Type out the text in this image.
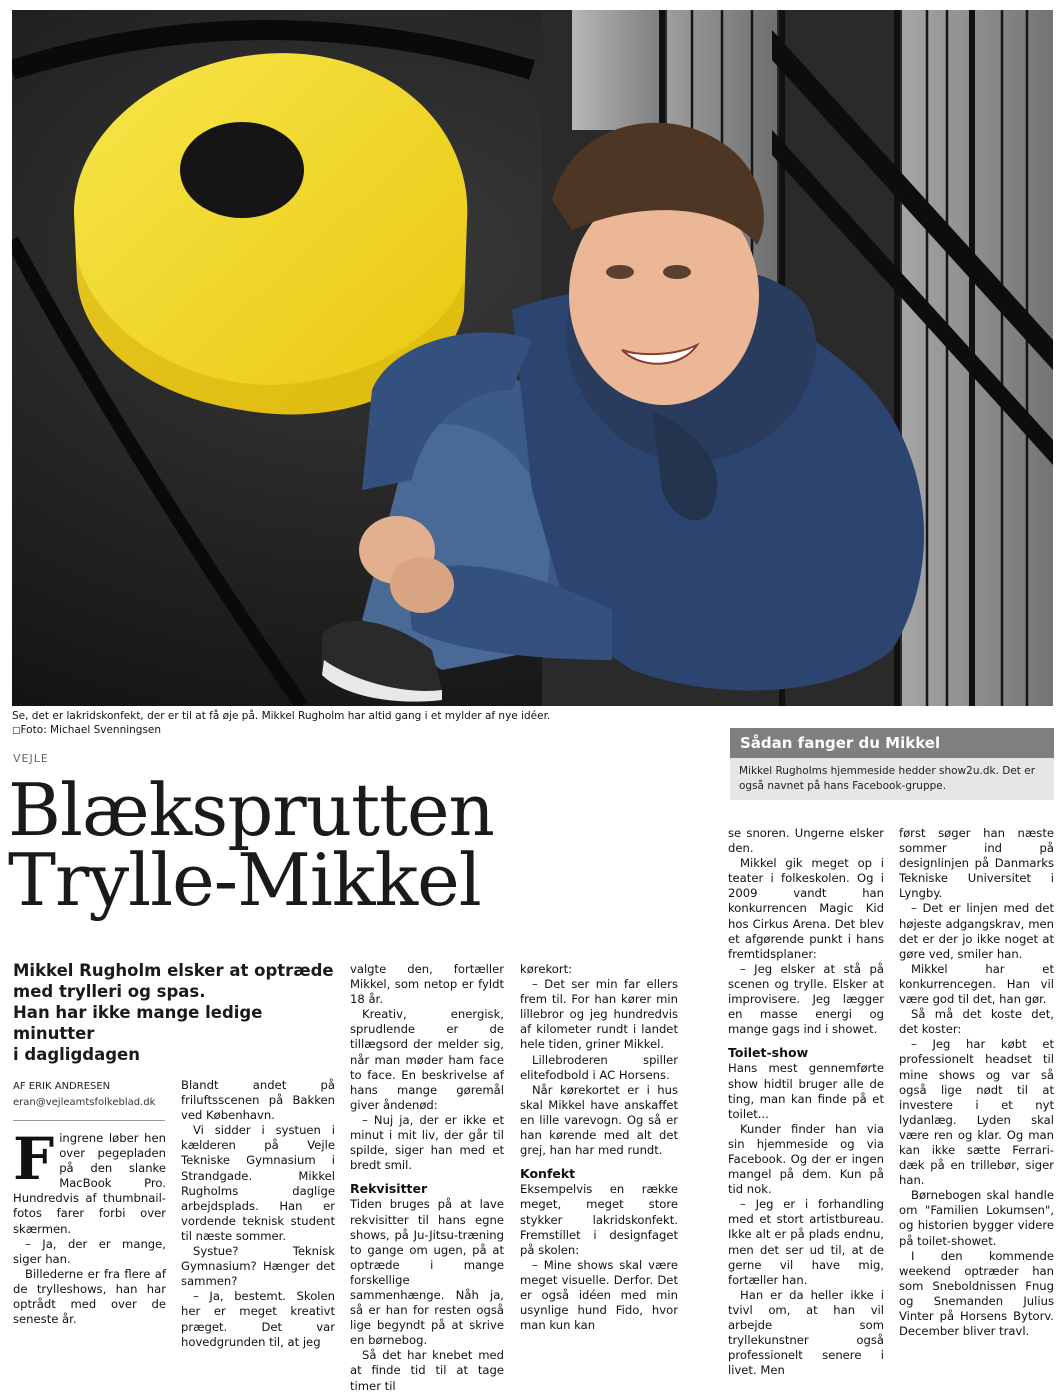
Se, det er lakridskonfekt, der er til at få øje på. Mikkel Rugholm har altid gang i et mylder af nye idéer.
□ Foto: Michael Svenningsen
VEJLE
Blæksprutten
Trylle-Mikkel
Mikkel Rugholm elsker at optræde
med trylleri og spas.
Han har ikke mange ledige minutter
i dagligdagen
AF ERIK ANDRESEN
eran@vejleamtsfolkeblad.dk
F ingrene løber hen over pegepladen på den slanke MacBook Pro. Hundredvis af thumbnail-fotos farer forbi over skærmen.

– Ja, der er mange, siger han.

Billederne er fra flere af de trylleshows, han har optrådt med over de seneste år.

Blandt andet på friluftsscenen på Bakken ved København.

Vi sidder i systuen i kælderen på Vejle Tekniske Gymnasium i Strandgade. Mikkel Rugholms daglige arbejdsplads. Han er vordende teknisk student til næste sommer.

Systue? Teknisk Gymnasium? Hænger det sammen?

– Ja, bestemt. Skolen her er meget kreativt præget. Det var hovedgrunden til, at jeg

valgte den, fortæller Mikkel, som netop er fyldt 18 år.

Kreativ, energisk, sprudlende er de tillægsord der melder sig, når man møder ham face to face. En beskrivelse af hans mange gøremål giver åndenød:

– Nuj ja, der er ikke et minut i mit liv, der går til spilde, siger han med et bredt smil.

Rekvisitter

Tiden bruges på at lave rekvisitter til hans egne shows, på Ju-Jitsu-træning to gange om ugen, på at optræde i mange forskellige sammenhænge. Nåh ja, så er han for resten også lige begyndt på at skrive en børnebog.

Så det har knebet med at finde tid til at tage timer til

kørekort:

– Det ser min far ellers frem til. For han kører min lillebror og jeg hundredvis af kilometer rundt i landet hele tiden, griner Mikkel.

Lillebroderen spiller elitefodbold i AC Horsens.

Når kørekortet er i hus skal Mikkel have anskaffet en lille varevogn. Og så er han kørende med alt det grej, han har med rundt.

Konfekt

Eksempelvis en række meget, meget store stykker lakridskonfekt. Fremstillet i designfaget på skolen:

– Mine shows skal være meget visuelle. Derfor. Det er også idéen med min usynlige hund Fido, hvor man kun kan

Sådan fanger du Mikkel
Mikkel Rugholms hjemmeside hedder show2u.dk. Det er også navnet på hans Facebook-gruppe.

se snoren. Ungerne elsker den.

Mikkel gik meget op i teater i folkeskolen. Og i 2009 vandt han konkurrencen Magic Kid hos Cirkus Arena. Det blev et afgørende punkt i hans fremtidsplaner:

– Jeg elsker at stå på scenen og trylle. Elsker at improvisere. Jeg lægger en masse energi og mange gags ind i showet.

Toilet-show

Hans mest gennemførte show hidtil bruger alle de ting, man kan finde på et toilet...

Kunder finder han via sin hjemmeside og via Facebook. Og der er ingen mangel på dem. Kun på tid nok.

– Jeg er i forhandling med et stort artistbureau. Ikke alt er på plads endnu, men det ser ud til, at de gerne vil have mig, fortæller han.

Han er da heller ikke i tvivl om, at han vil arbejde som tryllekunstner også professionelt senere i livet. Men

først søger han næste sommer ind på designlinjen på Danmarks Tekniske Universitet i Lyngby.

– Det er linjen med det højeste adgangskrav, men det er der jo ikke noget at gøre ved, smiler han.

Mikkel har et konkurrencegen. Han vil være god til det, han gør.

Så må det koste det, det koster:

– Jeg har købt et professionelt headset til mine shows og var så også lige nødt til at investere i et nyt lydanlæg. Lyden skal være ren og klar. Og man kan ikke sætte Ferrari-dæk på en trillebør, siger han.

Børnebogen skal handle om "Familien Lokumsen", og historien bygger videre på toilet-showet.

I den kommende weekend optræder han som Sneboldnissen Fnug og Snemanden Julius Vinter på Horsens Bytorv. December bliver travl.
